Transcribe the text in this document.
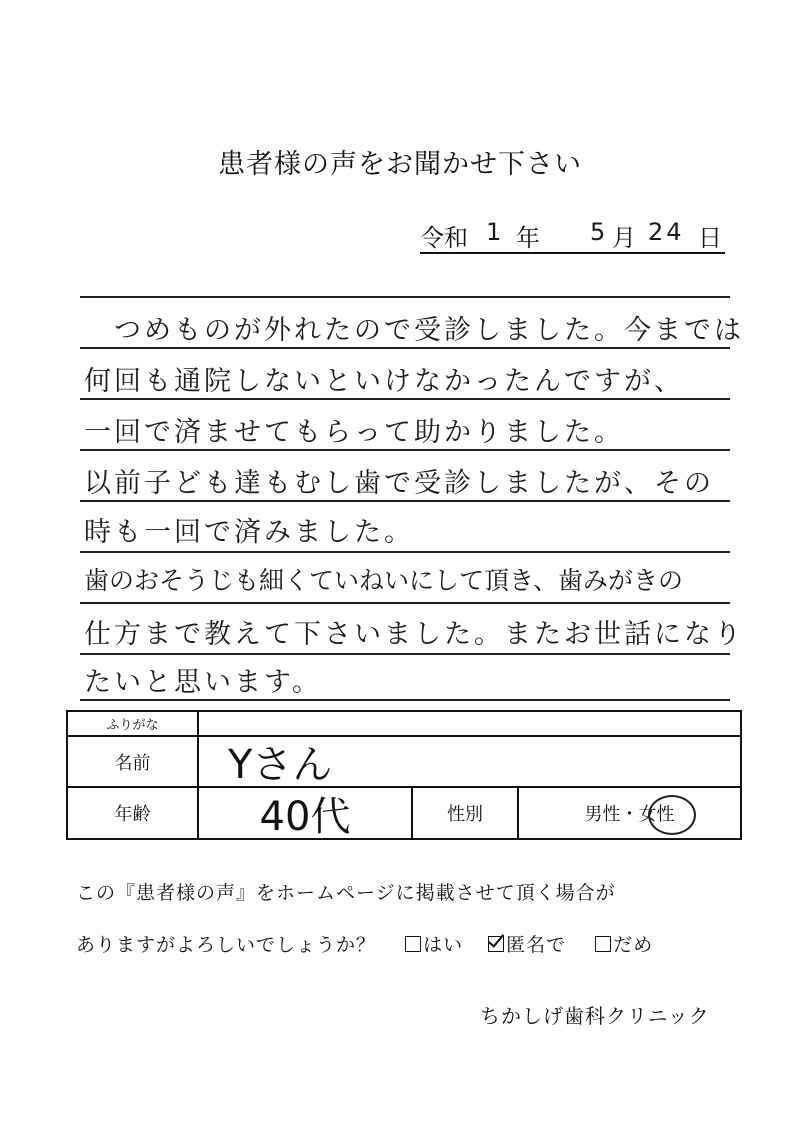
患者様の声をお聞かせ下さい
令和 1 年 5 月 24 日
つめものが外れたので受診しました。今までは
何回も通院しないといけなかったんですが、
一回で済ませてもらって助かりました。
以前子ども達もむし歯で受診しましたが、その
時も一回で済みました。
歯のおそうじも細くていねいにして頂き、歯みがきの
仕方まで教えて下さいました。またお世話になり
たいと思います。
ふりがな
名前	Yさん
年齢	40代	性別	男性・女性
この『患者様の声』をホームページに掲載させて頂く場合が
ありますがよろしいでしょうか？ はい 匿名で だめ
ちかしげ歯科クリニック
